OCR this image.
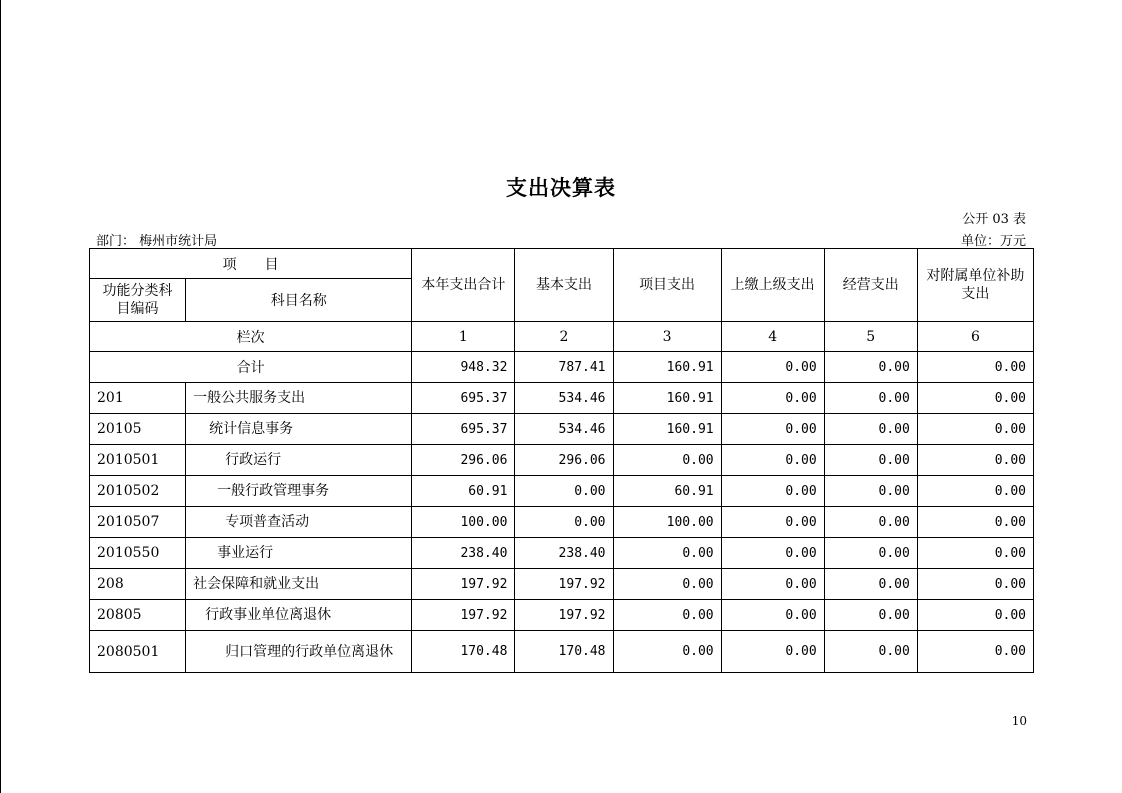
支出决算表
公开 03 表
部门： 梅州市统计局	单位：万元
项　　目		本年支出合计	基本支出	项目支出	上缴上级支出	经营支出	对附属单位补助支出
功能分类科目编码	科目名称						
栏次		1	2	3	4	5	6
合计		948.32	787.41	160.91	0.00	0.00	0.00
201	一般公共服务支出	695.37	534.46	160.91	0.00	0.00	0.00
20105	统计信息事务	695.37	534.46	160.91	0.00	0.00	0.00
2010501	行政运行	296.06	296.06	0.00	0.00	0.00	0.00
2010502	一般行政管理事务	60.91	0.00	60.91	0.00	0.00	0.00
2010507	专项普查活动	100.00	0.00	100.00	0.00	0.00	0.00
2010550	事业运行	238.40	238.40	0.00	0.00	0.00	0.00
208	社会保障和就业支出	197.92	197.92	0.00	0.00	0.00	0.00
20805	行政事业单位离退休	197.92	197.92	0.00	0.00	0.00	0.00
2080501	归口管理的行政单位离退休	170.48	170.48	0.00	0.00	0.00	0.00
10
